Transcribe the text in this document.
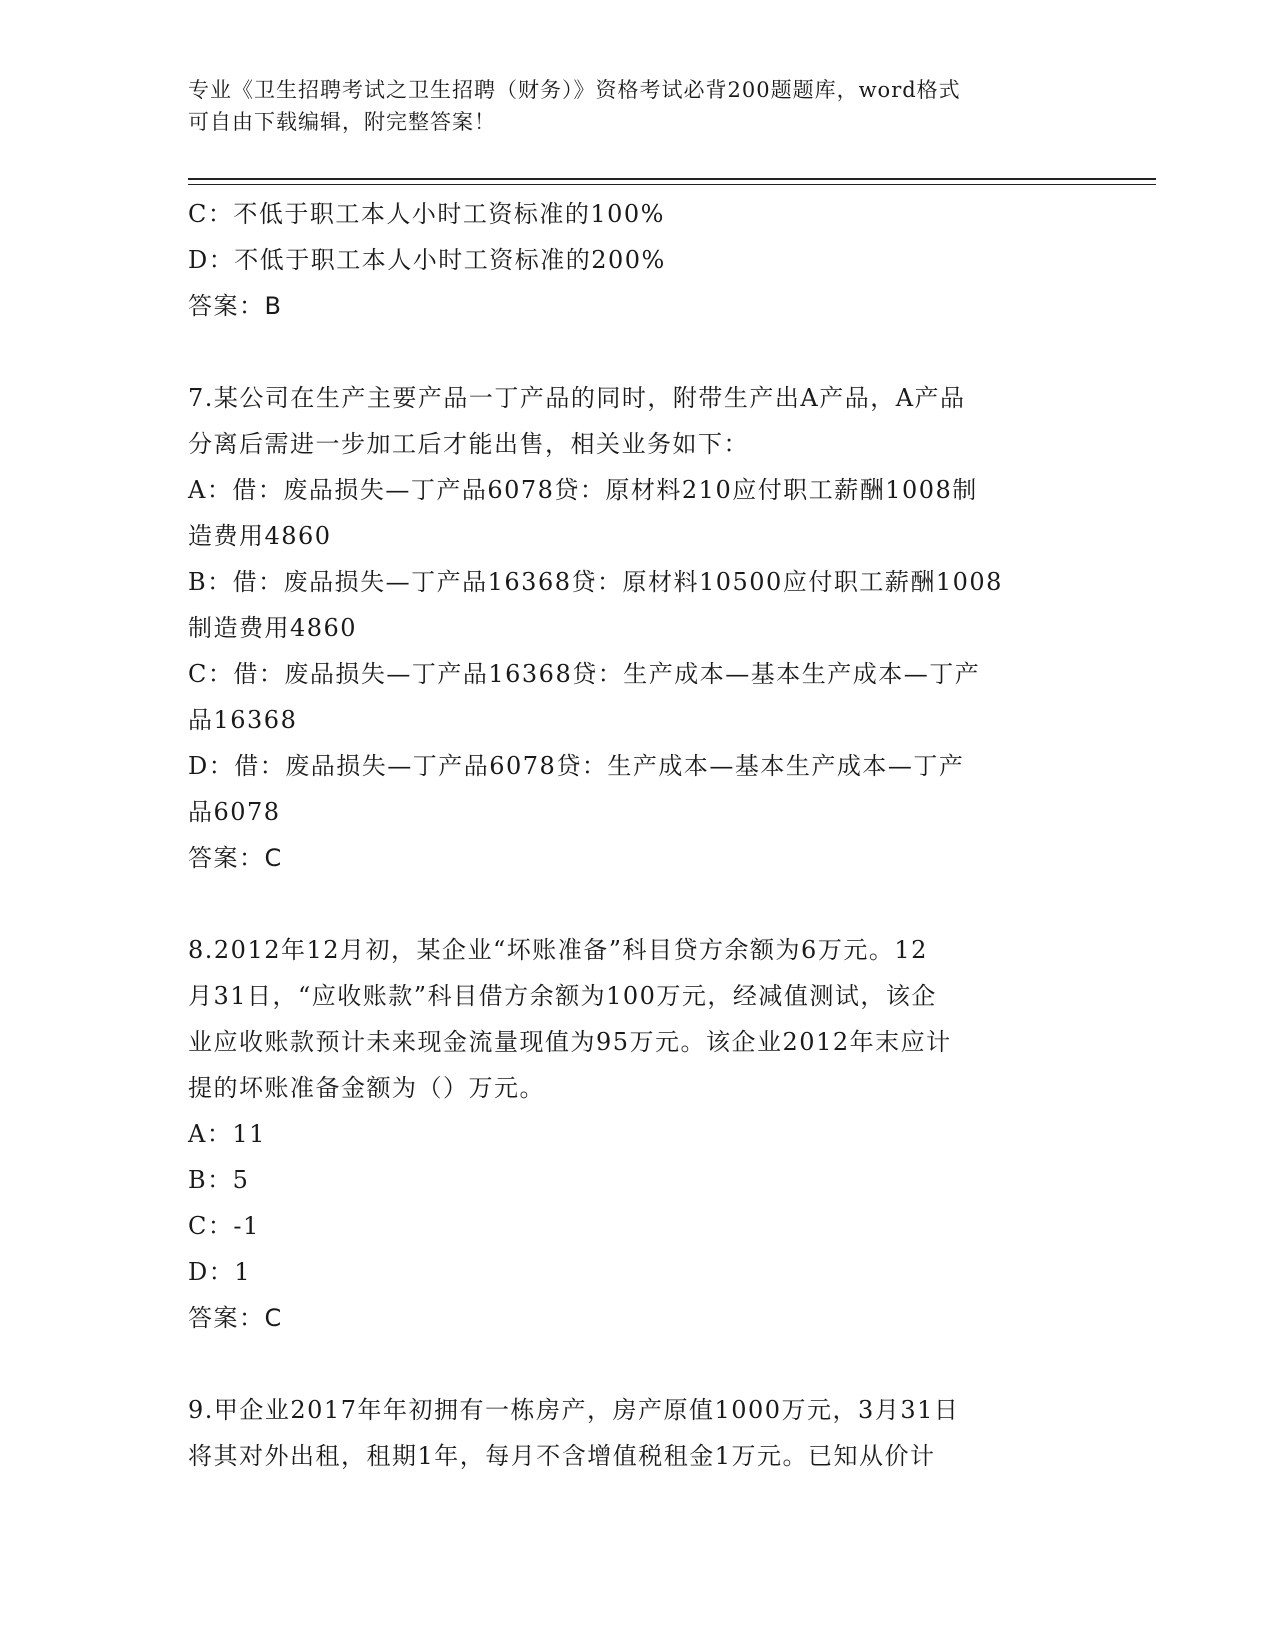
专业《卫生招聘考试之卫生招聘（财务）》资格考试必背200题题库，word格式
可自由下载编辑，附完整答案！
C：不低于职工本人小时工资标准的100%
D：不低于职工本人小时工资标准的200%
答案：B
7.某公司在生产主要产品一丁产品的同时，附带生产出A产品，A产品
分离后需进一步加工后才能出售，相关业务如下：
A：借：废品损失—丁产品6078贷：原材料210应付职工薪酬1008制
造费用4860
B：借：废品损失—丁产品16368贷：原材料10500应付职工薪酬1008
制造费用4860
C：借：废品损失—丁产品16368贷：生产成本—基本生产成本—丁产
品16368
D：借：废品损失—丁产品6078贷：生产成本—基本生产成本—丁产
品6078
答案：C
8.2012年12月初，某企业“坏账准备”科目贷方余额为6万元。12
月31日，“应收账款”科目借方余额为100万元，经减值测试，该企
业应收账款预计未来现金流量现值为95万元。该企业2012年末应计
提的坏账准备金额为（）万元。
A：11
B：5
C：-1
D：1
答案：C
9.甲企业2017年年初拥有一栋房产，房产原值1000万元，3月31日
将其对外出租，租期1年，每月不含增值税租金1万元。已知从价计
